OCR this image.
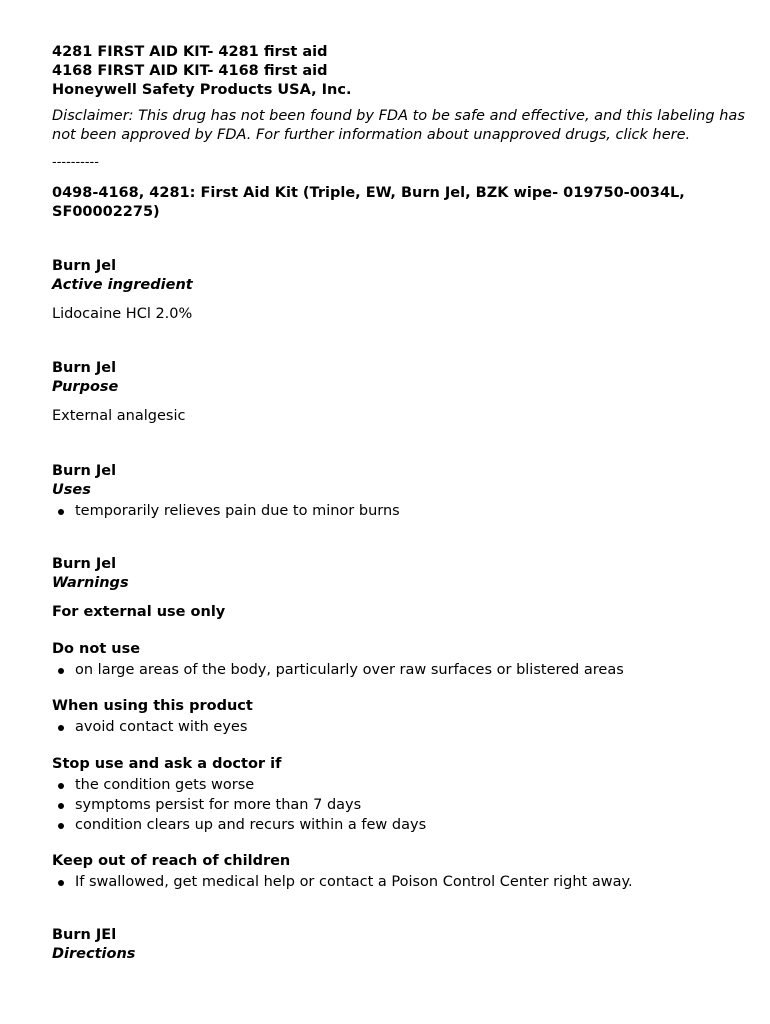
4281 FIRST AID KIT- 4281 first aid

4168 FIRST AID KIT- 4168 first aid

Honeywell Safety Products USA, Inc.

Disclaimer: This drug has not been found by FDA to be safe and effective, and this labeling has not been approved by FDA. For further information about unapproved drugs, click here.

----------

0498-4168, 4281: First Aid Kit (Triple, EW, Burn Jel, BZK wipe- 019750-0034L, SF00002275)

Burn Jel

Active ingredient

Lidocaine HCl 2.0%

Burn Jel

Purpose

External analgesic

Burn Jel

Uses

temporarily relieves pain due to minor burns

Burn Jel

Warnings

For external use only

Do not use

on large areas of the body, particularly over raw surfaces or blistered areas

When using this product

avoid contact with eyes

Stop use and ask a doctor if

the condition gets worse
symptoms persist for more than 7 days
condition clears up and recurs within a few days

Keep out of reach of children

If swallowed, get medical help or contact a Poison Control Center right away.

Burn JEl

Directions
